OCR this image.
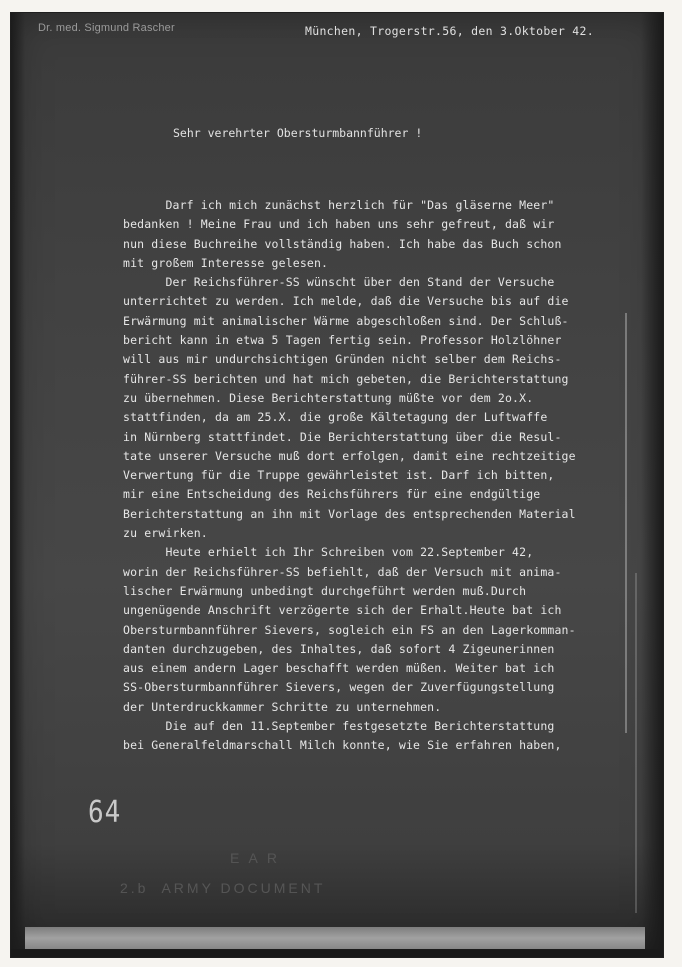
Dr. med. Sigmund Rascher	München, Trogerstr.56, den 3.Oktober 42.
Sehr verehrter Obersturmbannführer !
Darf ich mich zunächst herzlich für "Das gläserne Meer"
bedanken ! Meine Frau und ich haben uns sehr gefreut, daß wir
nun diese Buchreihe vollständig haben. Ich habe das Buch schon
mit großem Interesse gelesen.
Der Reichsführer-SS wünscht über den Stand der Versuche
unterrichtet zu werden. Ich melde, daß die Versuche bis auf die
Erwärmung mit animalischer Wärme abgeschloßen sind. Der Schluß-
bericht kann in etwa 5 Tagen fertig sein. Professor Holzlöhner
will aus mir undurchsichtigen Gründen nicht selber dem Reichs-
führer-SS berichten und hat mich gebeten, die Berichterstattung
zu übernehmen. Diese Berichterstattung müßte vor dem 2o.X.
stattfinden, da am 25.X. die große Kältetagung der Luftwaffe
in Nürnberg stattfindet. Die Berichterstattung über die Resul-
tate unserer Versuche muß dort erfolgen, damit eine rechtzeitige
Verwertung für die Truppe gewährleistet ist. Darf ich bitten,
mir eine Entscheidung des Reichsführers für eine endgültige
Berichterstattung an ihn mit Vorlage des entsprechenden Material
zu erwirken.
Heute erhielt ich Ihr Schreiben vom 22.September 42,
worin der Reichsführer-SS befiehlt, daß der Versuch mit anima-
lischer Erwärmung unbedingt durchgeführt werden muß.Durch
ungenügende Anschrift verzögerte sich der Erhalt.Heute bat ich
Obersturmbannführer Sievers, sogleich ein FS an den Lagerkomman-
danten durchzugeben, des Inhaltes, daß sofort 4 Zigeunerinnen
aus einem andern Lager beschafft werden müßen. Weiter bat ich
SS-Obersturmbannführer Sievers, wegen der Zuverfügungstellung
der Unterdruckkammer Schritte zu unternehmen.
Die auf den 11.September festgesetzte Berichterstattung
bei Generalfeldmarschall Milch konnte, wie Sie erfahren haben,
E A R
2.b  ARMY DOCUMENT
64
